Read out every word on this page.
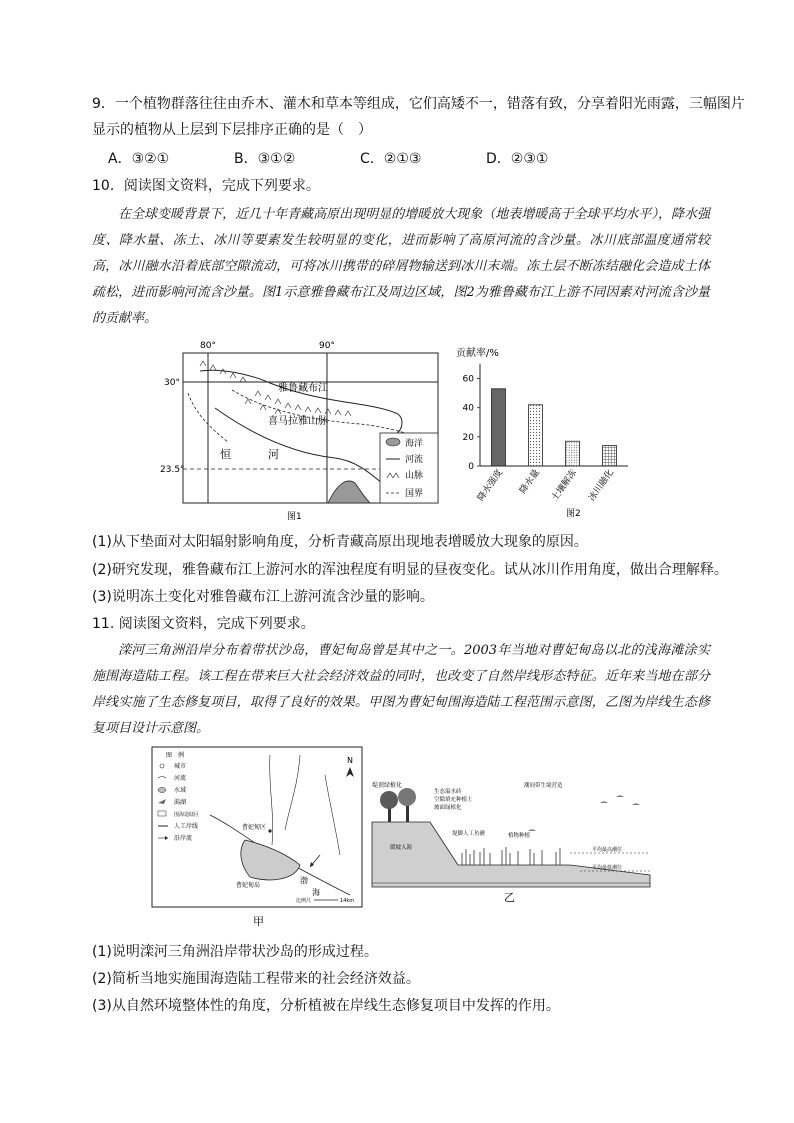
9．一个植物群落往往由乔木、灌木和草本等组成，它们高矮不一，错落有致，分享着阳光雨露，三幅图片
显示的植物从上层到下层排序正确的是（　）
A．③②①	B．③①②	C．②①③	D．②③①
10．阅读图文资料，完成下列要求。
在全球变暖背景下，近几十年青藏高原出现明显的增暖放大现象（地表增暖高于全球平均水平），降水强度、降水量、冻土、冰川等要素发生较明显的变化，进而影响了高原河流的含沙量。冰川底部温度通常较高，冰川融水沿着底部空隙流动，可将冰川携带的碎屑物输送到冰川末端。冻土层不断冻结融化会造成土体疏松，进而影响河流含沙量。图1示意雅鲁藏布江及周边区域，图2为雅鲁藏布江上游不同因素对河流含沙量的贡献率。
80°	90°
30°
23.5°
雅鲁藏布江
喜马拉雅山脉
恒	河
海洋
河流
山脉
国界
图1
贡献率/%
0
20
40
60
降水强度 降水量 土壤解冻 冰川融化
图2
(1)从下垫面对太阳辐射影响角度，分析青藏高原出现地表增暖放大现象的原因。
(2)研究发现，雅鲁藏布江上游河水的浑浊程度有明显的昼夜变化。试从冰川作用角度，做出合理解释。
(3)说明冻土变化对雅鲁藏布江上游河流含沙量的影响。
11. 阅读图文资料，完成下列要求。
滦河三角洲沿岸分布着带状沙岛，曹妃甸岛曾是其中之一。2003年当地对曹妃甸岛以北的浅海滩涂实施围海造陆工程。该工程在带来巨大社会经济效益的同时，也改变了自然岸线形态特征。近年来当地在部分岸线实施了生态修复项目，取得了良好的效果。甲图为曹妃甸围海造陆工程范围示意图，乙图为岸线生态修复项目设计示意图。
图　例
城市
河流
水域
潟湖
围海造陆区
人工岸线
沿岸流
曹妃甸区
曹妃甸岛
渤
海
N
比例尺	14km
甲
堤顶绿植化
生态溢水砖
空隙填充种植土
坡面绿植化
堤脚人工鱼礁
缓坡入海
植物种植
潮间带生境营造
平均最高潮位
平均最低潮位
乙
(1)说明滦河三角洲沿岸带状沙岛的形成过程。
(2)简析当地实施围海造陆工程带来的社会经济效益。
(3)从自然环境整体性的角度，分析植被在岸线生态修复项目中发挥的作用。
